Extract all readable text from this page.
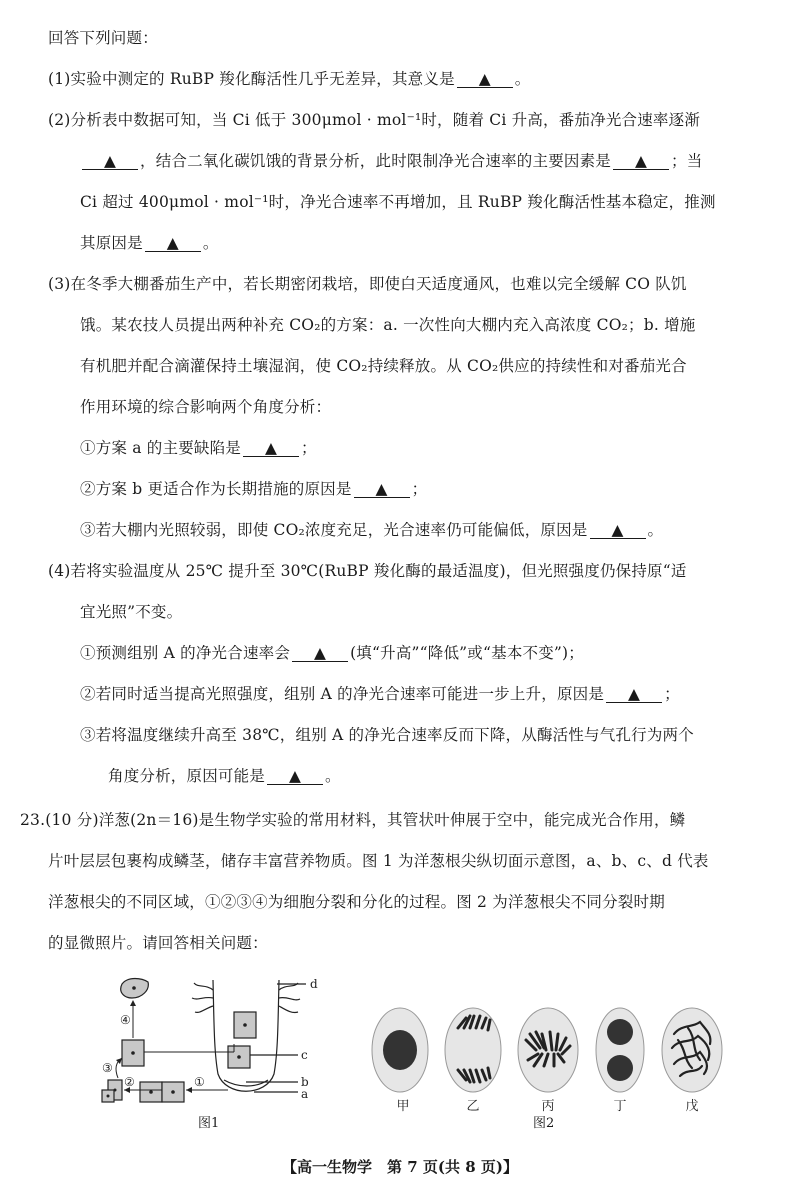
回答下列问题：
(1)实验中测定的 RuBP 羧化酶活性几乎无差异，其意义是 ▲ 。
(2)分析表中数据可知，当 Ci 低于 300μmol · mol⁻¹时，随着 Ci 升高，番茄净光合速率逐渐
▲ ，结合二氧化碳饥饿的背景分析，此时限制净光合速率的主要因素是 ▲ ；当
Ci 超过 400μmol · mol⁻¹时，净光合速率不再增加，且 RuBP 羧化酶活性基本稳定，推测
其原因是 ▲ 。
(3)在冬季大棚番茄生产中，若长期密闭栽培，即使白天适度通风，也难以完全缓解 CO 队饥
饿。某农技人员提出两种补充 CO₂的方案：a. 一次性向大棚内充入高浓度 CO₂；b. 增施
有机肥并配合滴灌保持土壤湿润，使 CO₂持续释放。从 CO₂供应的持续性和对番茄光合
作用环境的综合影响两个角度分析：
①方案 a 的主要缺陷是 ▲ ；
②方案 b 更适合作为长期措施的原因是 ▲ ；
③若大棚内光照较弱，即使 CO₂浓度充足，光合速率仍可能偏低，原因是 ▲ 。
(4)若将实验温度从 25℃ 提升至 30℃(RuBP 羧化酶的最适温度)，但光照强度仍保持原“适
宜光照”不变。
①预测组别 A 的净光合速率会 ▲ (填“升高”“降低”或“基本不变”)；
②若同时适当提高光照强度，组别 A 的净光合速率可能进一步上升，原因是 ▲ ；
③若将温度继续升高至 38℃，组别 A 的净光合速率反而下降，从酶活性与气孔行为两个
角度分析，原因可能是 ▲ 。
23.(10 分)洋葱(2n＝16)是生物学实验的常用材料，其管状叶伸展于空中，能完成光合作用，鳞
片叶层层包裹构成鳞茎，储存丰富营养物质。图 1 为洋葱根尖纵切面示意图，a、b、c、d 代表
洋葱根尖的不同区域，①②③④为细胞分裂和分化的过程。图 2 为洋葱根尖不同分裂时期
的显微照片。请回答相关问题：
①
②
③
④
d
c
b
a
图1
甲	乙	丙	丁	戊
图2
【高一生物学　第 7 页(共 8 页)】
